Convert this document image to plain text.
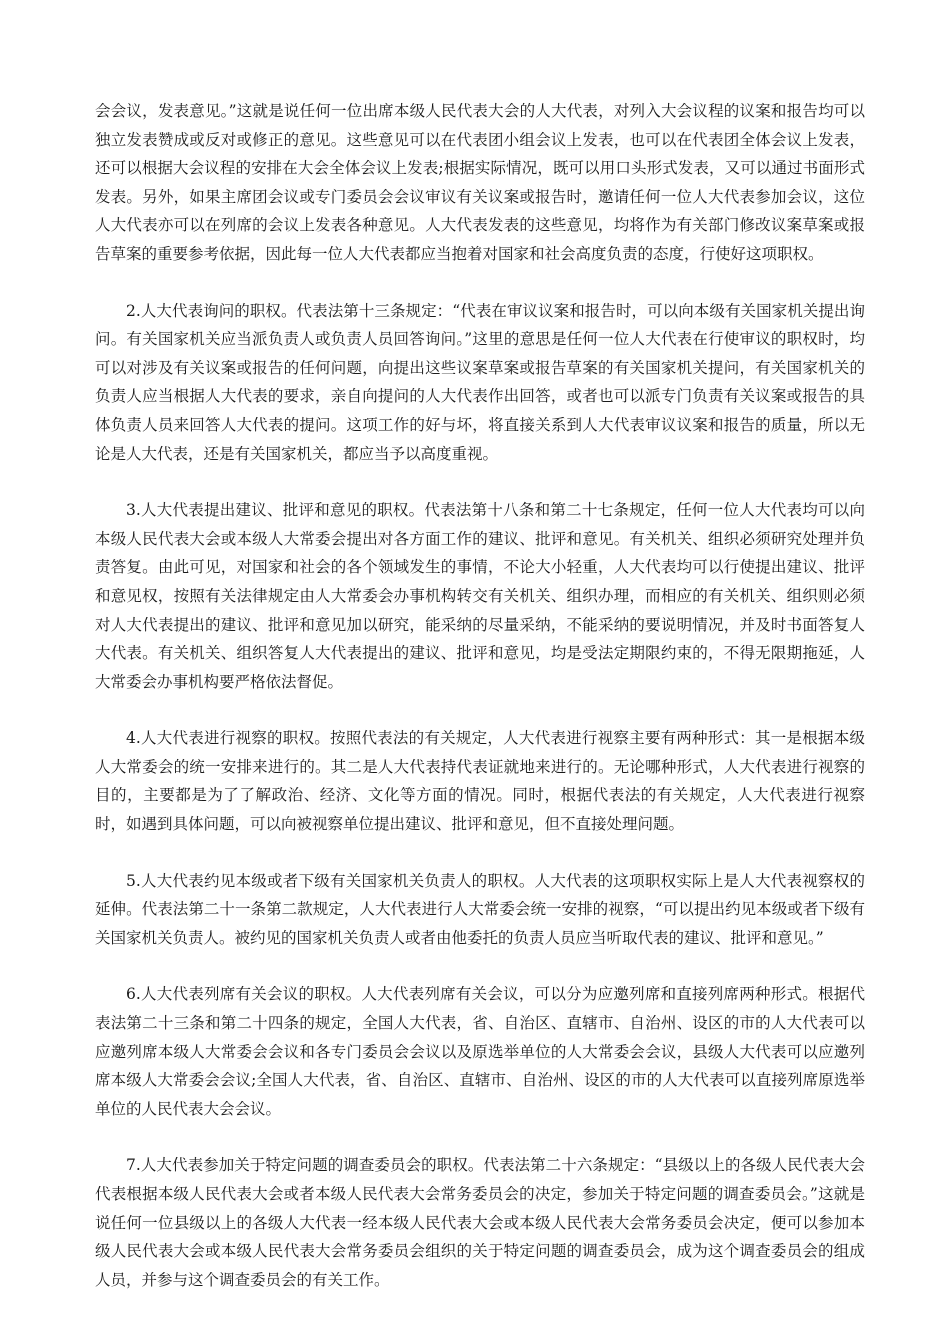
会会议，发表意见。”这就是说任何一位出席本级人民代表大会的人大代表，对列入大会议程的议案和报告均可以独立发表赞成或反对或修正的意见。这些意见可以在代表团小组会议上发表，也可以在代表团全体会议上发表，还可以根据大会议程的安排在大会全体会议上发表;根据实际情况，既可以用口头形式发表，又可以通过书面形式发表。另外，如果主席团会议或专门委员会会议审议有关议案或报告时，邀请任何一位人大代表参加会议，这位人大代表亦可以在列席的会议上发表各种意见。人大代表发表的这些意见，均将作为有关部门修改议案草案或报告草案的重要参考依据，因此每一位人大代表都应当抱着对国家和社会高度负责的态度，行使好这项职权。

2.人大代表询问的职权。代表法第十三条规定：“代表在审议议案和报告时，可以向本级有关国家机关提出询问。有关国家机关应当派负责人或负责人员回答询问。”这里的意思是任何一位人大代表在行使审议的职权时，均可以对涉及有关议案或报告的任何问题，向提出这些议案草案或报告草案的有关国家机关提问，有关国家机关的负责人应当根据人大代表的要求，亲自向提问的人大代表作出回答，或者也可以派专门负责有关议案或报告的具体负责人员来回答人大代表的提问。这项工作的好与坏，将直接关系到人大代表审议议案和报告的质量，所以无论是人大代表，还是有关国家机关，都应当予以高度重视。

3.人大代表提出建议、批评和意见的职权。代表法第十八条和第二十七条规定，任何一位人大代表均可以向本级人民代表大会或本级人大常委会提出对各方面工作的建议、批评和意见。有关机关、组织必须研究处理并负责答复。由此可见，对国家和社会的各个领域发生的事情，不论大小轻重，人大代表均可以行使提出建议、批评和意见权，按照有关法律规定由人大常委会办事机构转交有关机关、组织办理，而相应的有关机关、组织则必须对人大代表提出的建议、批评和意见加以研究，能采纳的尽量采纳，不能采纳的要说明情况，并及时书面答复人大代表。有关机关、组织答复人大代表提出的建议、批评和意见，均是受法定期限约束的，不得无限期拖延，人大常委会办事机构要严格依法督促。

4.人大代表进行视察的职权。按照代表法的有关规定，人大代表进行视察主要有两种形式：其一是根据本级人大常委会的统一安排来进行的。其二是人大代表持代表证就地来进行的。无论哪种形式，人大代表进行视察的目的，主要都是为了了解政治、经济、文化等方面的情况。同时，根据代表法的有关规定，人大代表进行视察时，如遇到具体问题，可以向被视察单位提出建议、批评和意见，但不直接处理问题。

5.人大代表约见本级或者下级有关国家机关负责人的职权。人大代表的这项职权实际上是人大代表视察权的延伸。代表法第二十一条第二款规定，人大代表进行人大常委会统一安排的视察，“可以提出约见本级或者下级有关国家机关负责人。被约见的国家机关负责人或者由他委托的负责人员应当听取代表的建议、批评和意见。”

6.人大代表列席有关会议的职权。人大代表列席有关会议，可以分为应邀列席和直接列席两种形式。根据代表法第二十三条和第二十四条的规定，全国人大代表，省、自治区、直辖市、自治州、设区的市的人大代表可以应邀列席本级人大常委会会议和各专门委员会会议以及原选举单位的人大常委会会议，县级人大代表可以应邀列席本级人大常委会会议;全国人大代表，省、自治区、直辖市、自治州、设区的市的人大代表可以直接列席原选举单位的人民代表大会会议。

7.人大代表参加关于特定问题的调查委员会的职权。代表法第二十六条规定：“县级以上的各级人民代表大会代表根据本级人民代表大会或者本级人民代表大会常务委员会的决定，参加关于特定问题的调查委员会。”这就是说任何一位县级以上的各级人大代表一经本级人民代表大会或本级人民代表大会常务委员会决定，便可以参加本级人民代表大会或本级人民代表大会常务委员会组织的关于特定问题的调查委员会，成为这个调查委员会的组成人员，并参与这个调查委员会的有关工作。
